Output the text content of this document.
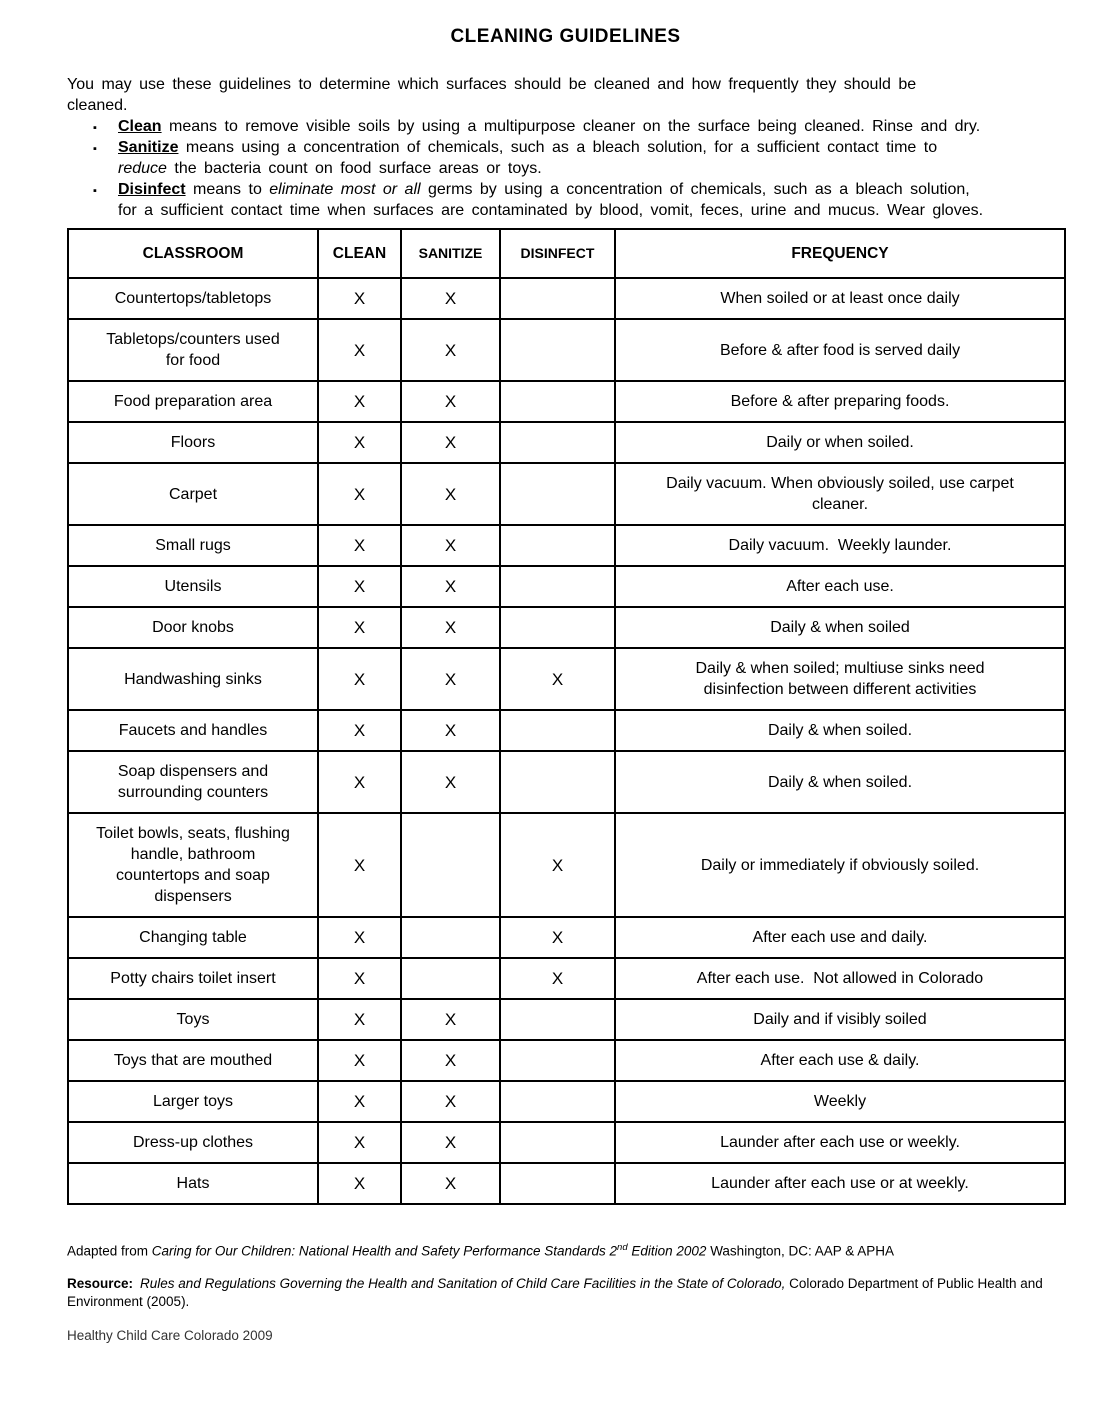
CLEANING GUIDELINES

You may use these guidelines to determine which surfaces should be cleaned and how frequently they should be cleaned.

▪ Clean means to remove visible soils by using a multipurpose cleaner on the surface being cleaned. Rinse and dry.
▪ Sanitize means using a concentration of chemicals, such as a bleach solution, for a sufficient contact time to reduce the bacteria count on food surface areas or toys.
▪ Disinfect means to eliminate most or all germs by using a concentration of chemicals, such as a bleach solution, for a sufficient contact time when surfaces are contaminated by blood, vomit, feces, urine and mucus. Wear gloves.
CLASSROOM	CLEAN	SANITIZE	DISINFECT	FREQUENCY
Countertops/tabletops	X	X		When soiled or at least once daily
Tabletops/counters used for food	X	X		Before & after food is served daily
Food preparation area	X	X		Before & after preparing foods.
Floors	X	X		Daily or when soiled.
Carpet	X	X		Daily vacuum. When obviously soiled, use carpet cleaner.
Small rugs	X	X		Daily vacuum.  Weekly launder.
Utensils	X	X		After each use.
Door knobs	X	X		Daily & when soiled
Handwashing sinks	X	X	X	Daily & when soiled; multiuse sinks need disinfection between different activities
Faucets and handles	X	X		Daily & when soiled.
Soap dispensers and surrounding counters	X	X		Daily & when soiled.
Toilet bowls, seats, flushing handle, bathroom countertops and soap dispensers	X		X	Daily or immediately if obviously soiled.
Changing table	X		X	After each use and daily.
Potty chairs toilet insert	X		X	After each use.  Not allowed in Colorado
Toys	X	X		Daily and if visibly soiled
Toys that are mouthed	X	X		After each use & daily.
Larger toys	X	X		Weekly
Dress-up clothes	X	X		Launder after each use or weekly.
Hats	X	X		Launder after each use or at weekly.

Adapted from Caring for Our Children: National Health and Safety Performance Standards 2nd Edition 2002 Washington, DC: AAP & APHA

Resource: Rules and Regulations Governing the Health and Sanitation of Child Care Facilities in the State of Colorado, Colorado Department of Public Health and Environment (2005).

Healthy Child Care Colorado 2009
